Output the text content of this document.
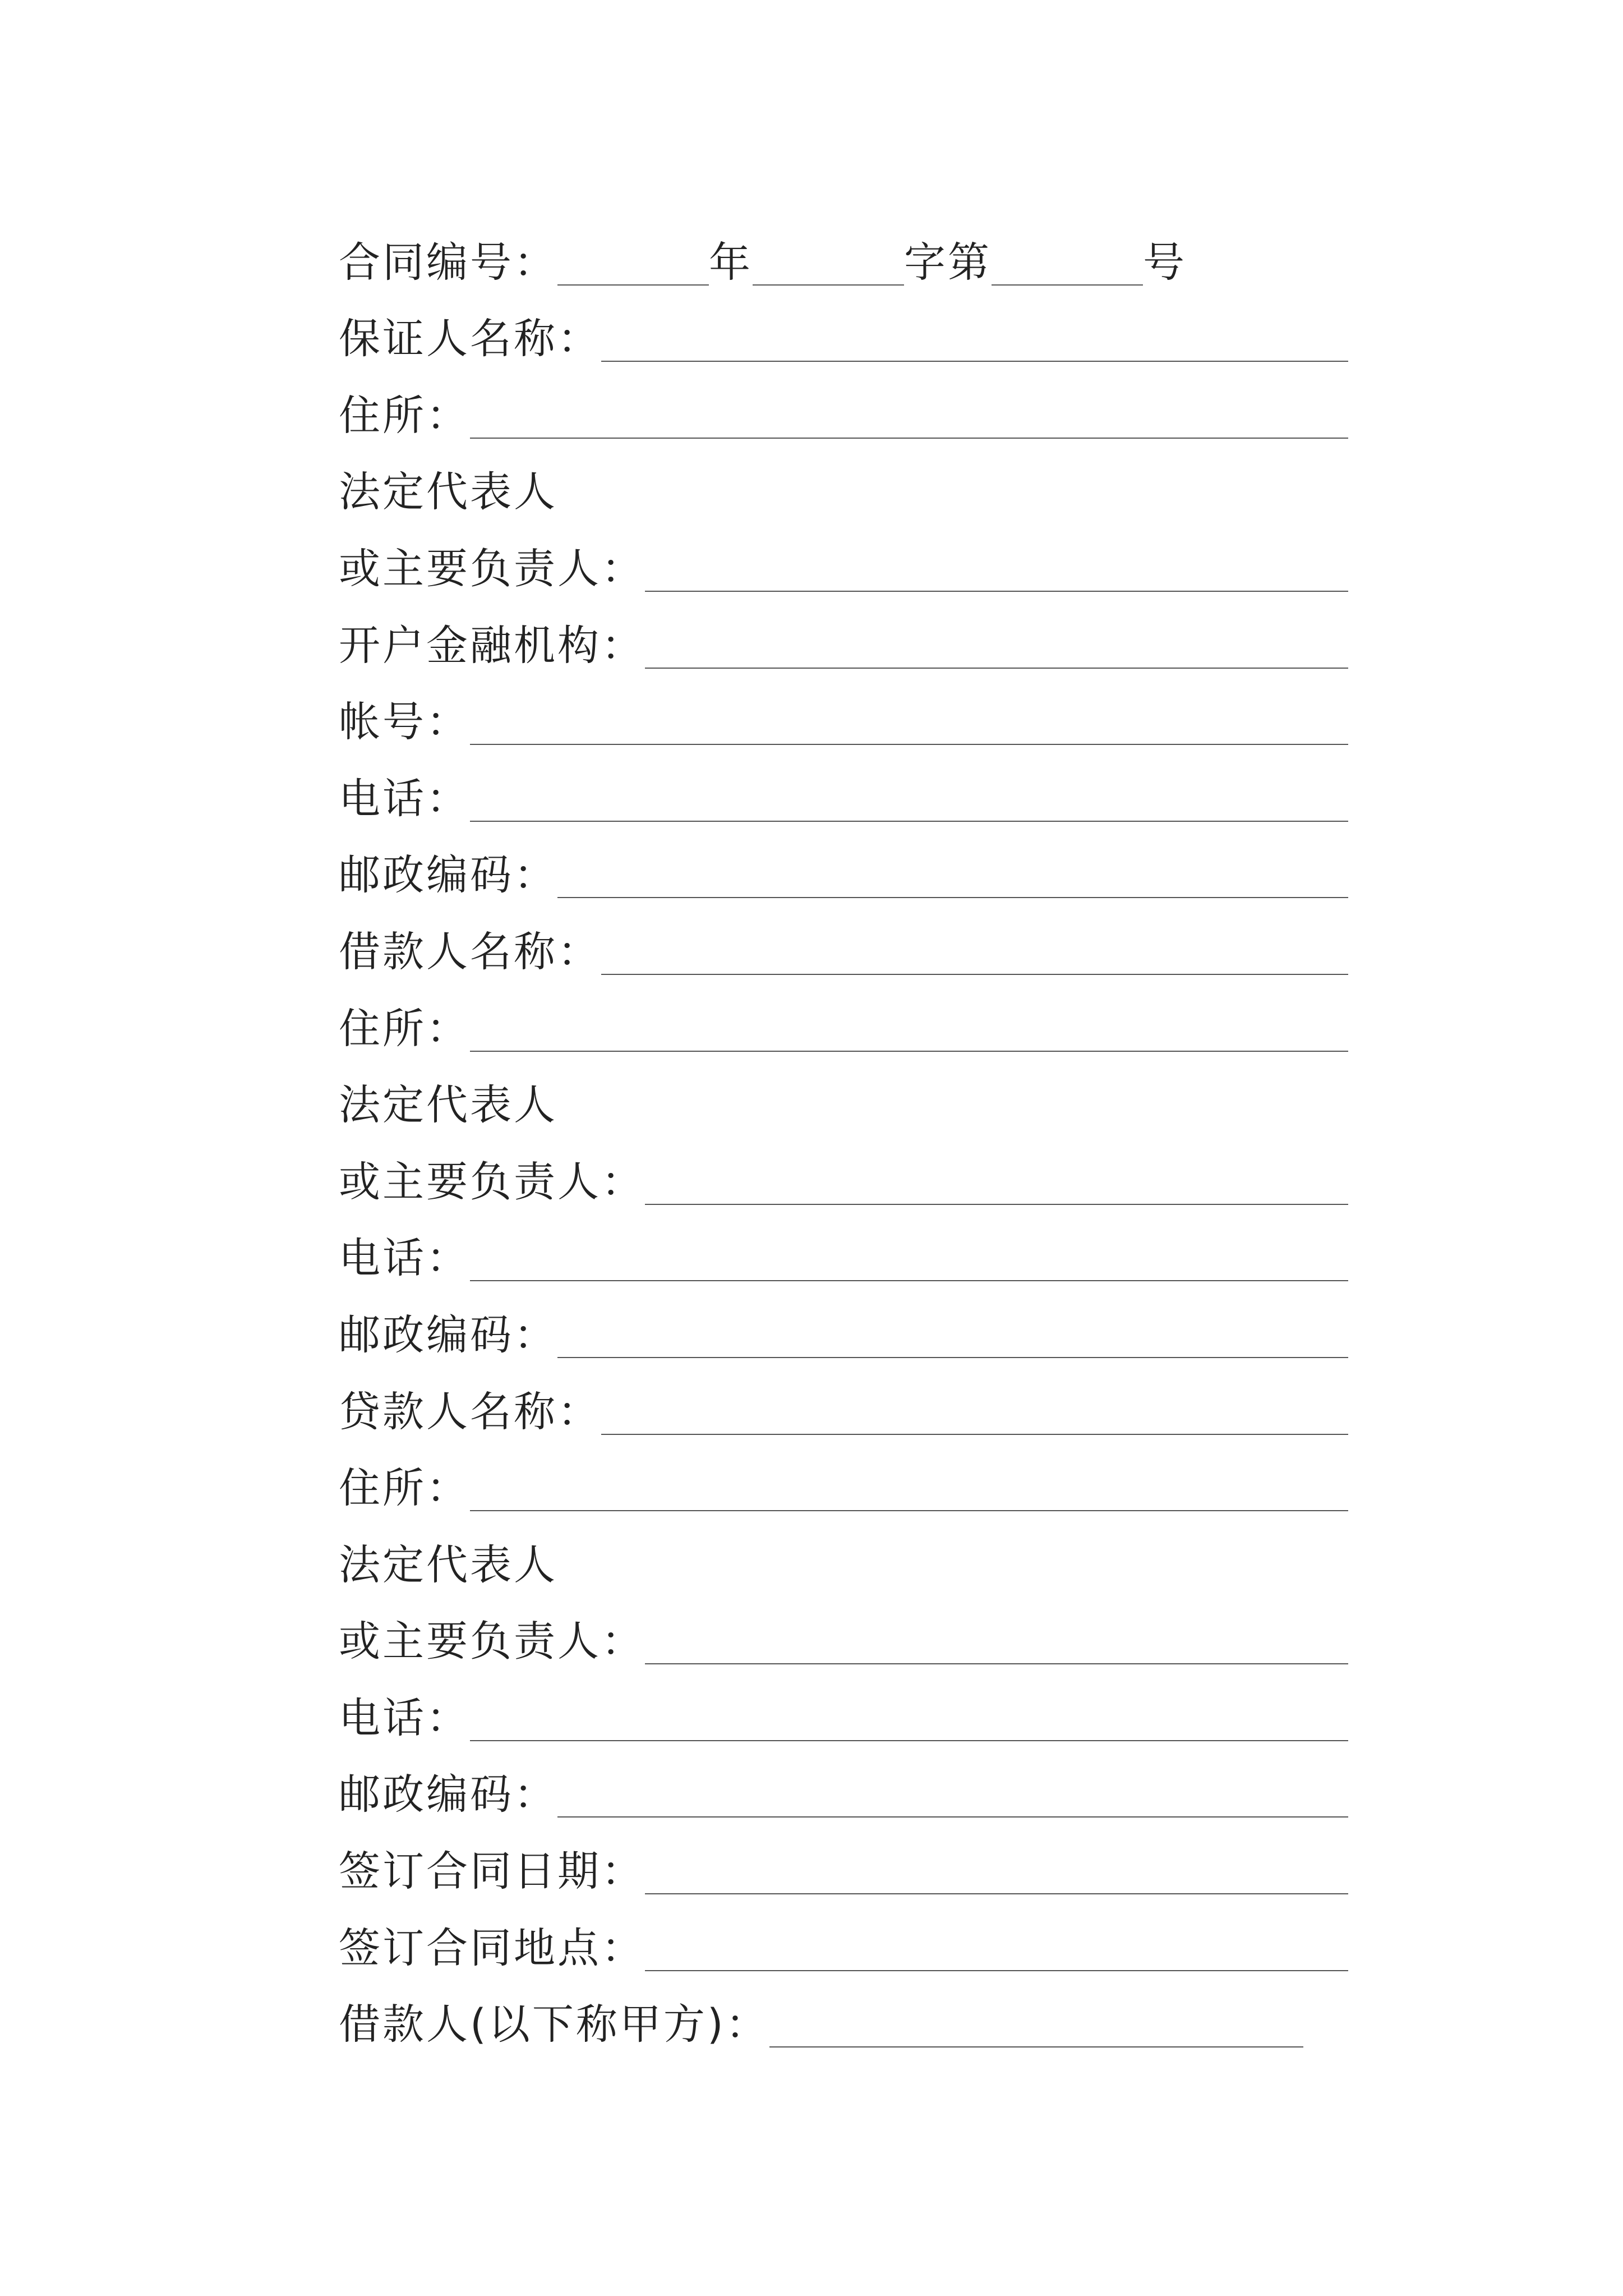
合同编号：	年	字第	号
保证人名称：
住所：
法定代表人
或主要负责人：
开户金融机构：
帐号：
电话：
邮政编码：
借款人名称：
住所：
法定代表人
或主要负责人：
电话：
邮政编码：
贷款人名称：
住所：
法定代表人
或主要负责人：
电话：
邮政编码：
签订合同日期：
签订合同地点：
借款人(以下称甲方)：
